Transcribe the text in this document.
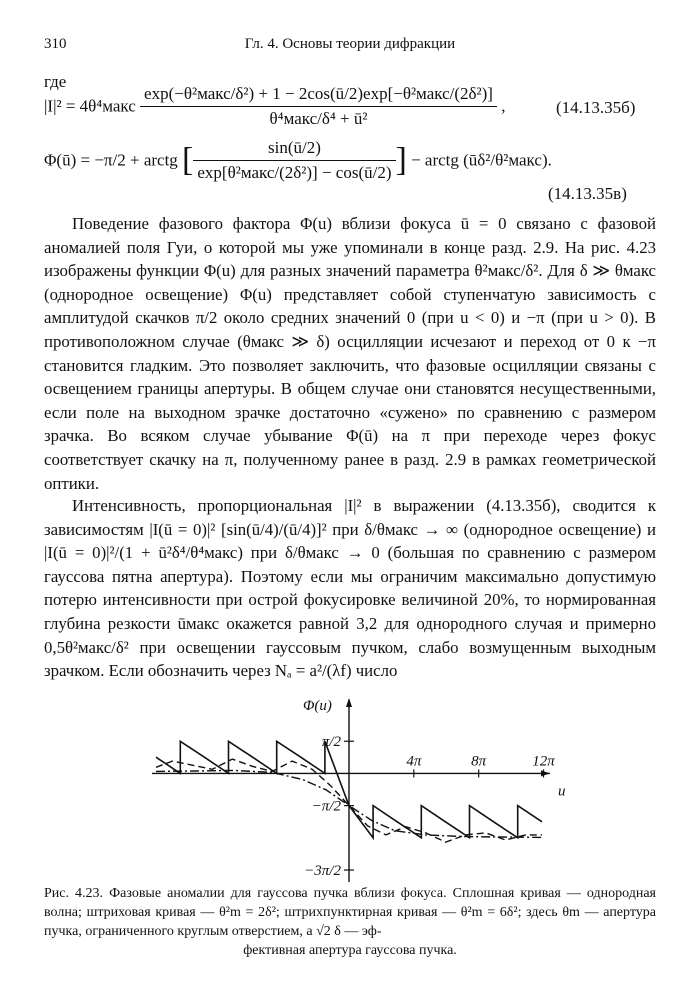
310	Гл. 4. Основы теории дифракции
где
|I|² = 4θ⁴макс $\frac{\text{exp(−θ²макс/δ²) + 1 − 2cos(ū/2)exp[−θ²макс/(2δ²)]}}{\text{θ⁴макс/δ⁴ + ū²}}$ ,	(14.13.35б)
Φ(ū) = −π/2 + arctg [ $\frac{\sin(ū/2)}{\text{exp[θ²макс/(2δ²)] − cos(ū/2)}}$ ] − arctg (ūδ²/θ²макс).
(14.13.35в)

Поведение фазового фактора Φ(u) вблизи фокуса ū = 0 связано с фазовой аномалией поля Гуи, о которой мы уже упоминали в конце разд. 2.9. На рис. 4.23 изображены функции Φ(u) для разных значений параметра θ²макс/δ². Для δ ≫ θмакс (однородное освещение) Φ(u) представляет собой ступенчатую зависимость с амплитудой скачков π/2 около средних значений 0 (при u < 0) и −π (при u > 0). В противоположном случае (θмакс ≫ δ) осцилляции исчезают и переход от 0 к −π становится гладким. Это позволяет заключить, что фазовые осцилляции связаны с освещением границы апертуры. В общем случае они становятся несущественными, если поле на выходном зрачке достаточно «сужено» по сравнению с размером зрачка. Во всяком случае убывание Φ(ū) на π при переходе через фокус соответствует скачку на π, полученному ранее в разд. 2.9 в рамках геометрической оптики.

Интенсивность, пропорциональная |I|² в выражении (4.13.35б), сводится к зависимостям |I(ū = 0)|² [sin(ū/4)/(ū/4)]² при δ/θмакс → ∞ (однородное освещение) и |I(ū = 0)|²/(1 + ū²δ⁴/θ⁴макс) при δ/θмакс → 0 (большая по сравнению с размером гауссова пятна апертура). Поэтому если мы ограничим максимально допустимую потерю интенсивности при острой фокусировке величиной 20%, то нормированная глубина резкости ūмакс окажется равной 3,2 для однородного случая и примерно 0,5θ²макс/δ² при освещении гауссовым пучком, слабо возмущенным выходным зрачком. Если обозначить через Nₐ = a²/(λf) число

Φ(u)
u
π/2
−π/2
−3π/2
4π	8π	12π
Рис. 4.23. Фазовые аномалии для гауссова пучка вблизи фокуса. Сплошная кривая — однородная волна; штриховая кривая — θ²m = 2δ²; штрихпунктирная кривая — θ²m = 6δ²; здесь θm — апертура пучка, ограниченного круглым отверстием, а √2 δ — эф-
фективная апертура гауссова пучка.
